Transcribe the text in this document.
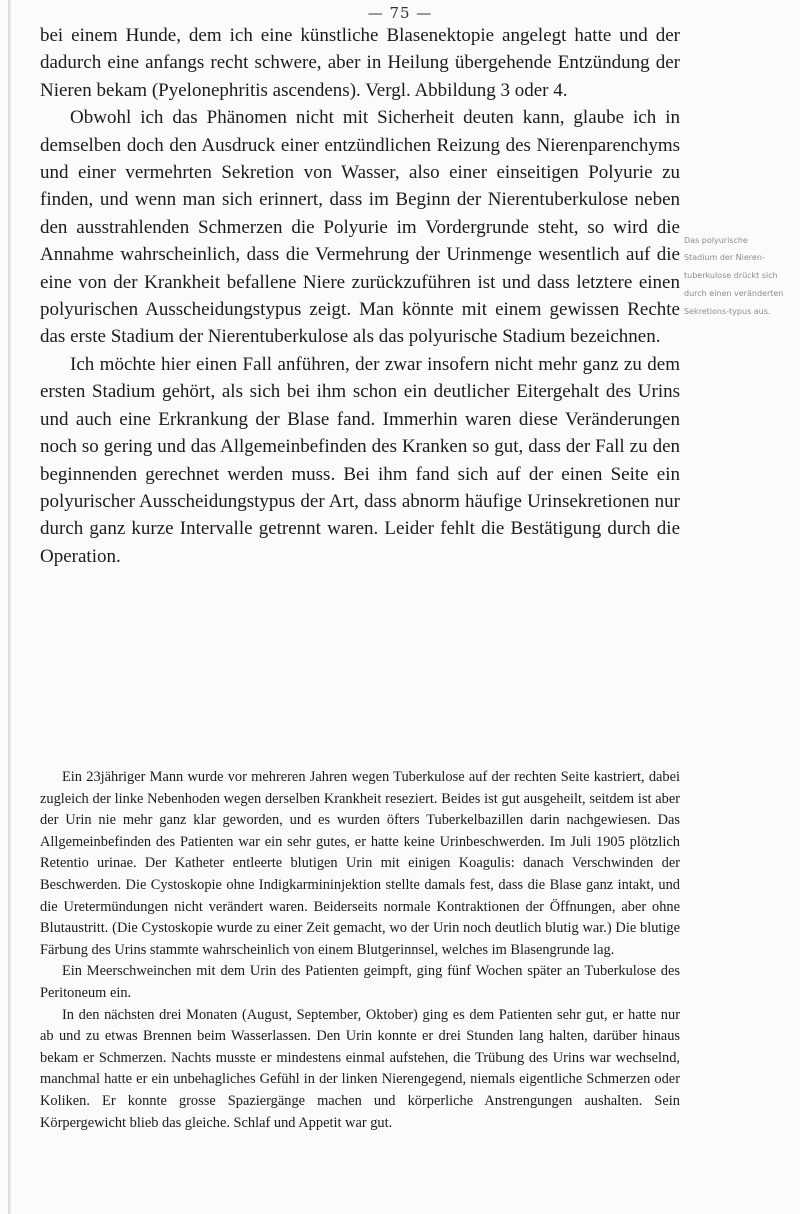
— 75 —

bei einem Hunde, dem ich eine künstliche Blasenektopie angelegt hatte und der dadurch eine anfangs recht schwere, aber in Heilung übergehende Entzündung der Nieren bekam (Pyelonephritis ascendens). Vergl. Abbildung 3 oder 4.

Obwohl ich das Phänomen nicht mit Sicherheit deuten kann, glaube ich in demselben doch den Ausdruck einer entzündlichen Reizung des Nierenparenchyms und einer vermehrten Sekretion von Wasser, also einer einseitigen Polyurie zu finden, und wenn man sich erinnert, dass im Beginn der Nierentuberkulose neben den ausstrahlenden Schmerzen die Polyurie im Vordergrunde steht, so wird die Annahme wahrscheinlich, dass die Vermehrung der Urinmenge wesentlich auf die eine von der Krankheit befallene Niere zurückzuführen ist und dass letztere einen polyurischen Ausscheidungstypus zeigt. Man könnte mit einem gewissen Rechte das erste Stadium der Nierentuberkulose als das polyurische Stadium bezeichnen.

Ich möchte hier einen Fall anführen, der zwar insofern nicht mehr ganz zu dem ersten Stadium gehört, als sich bei ihm schon ein deutlicher Eitergehalt des Urins und auch eine Erkrankung der Blase fand. Immerhin waren diese Veränderungen noch so gering und das Allgemeinbefinden des Kranken so gut, dass der Fall zu den beginnenden gerechnet werden muss. Bei ihm fand sich auf der einen Seite ein polyurischer Ausscheidungstypus der Art, dass abnorm häufige Urinsekretionen nur durch ganz kurze Intervalle getrennt waren. Leider fehlt die Bestätigung durch die Operation.

Ein 23jähriger Mann wurde vor mehreren Jahren wegen Tuberkulose auf der rechten Seite kastriert, dabei zugleich der linke Nebenhoden wegen derselben Krankheit reseziert. Beides ist gut ausgeheilt, seitdem ist aber der Urin nie mehr ganz klar geworden, und es wurden öfters Tuberkelbazillen darin nachgewiesen. Das Allgemeinbefinden des Patienten war ein sehr gutes, er hatte keine Urinbeschwerden. Im Juli 1905 plötzlich Retentio urinae. Der Katheter entleerte blutigen Urin mit einigen Koagulis: danach Verschwinden der Beschwerden. Die Cystoskopie ohne Indigkarmininjektion stellte damals fest, dass die Blase ganz intakt, und die Uretermündungen nicht verändert waren. Beiderseits normale Kontraktionen der Öffnungen, aber ohne Blutaustritt. (Die Cystoskopie wurde zu einer Zeit gemacht, wo der Urin noch deutlich blutig war.) Die blutige Färbung des Urins stammte wahrscheinlich von einem Blutgerinnsel, welches im Blasengrunde lag.

Ein Meerschweinchen mit dem Urin des Patienten geimpft, ging fünf Wochen später an Tuberkulose des Peritoneum ein.

In den nächsten drei Monaten (August, September, Oktober) ging es dem Patienten sehr gut, er hatte nur ab und zu etwas Brennen beim Wasserlassen. Den Urin konnte er drei Stunden lang halten, darüber hinaus bekam er Schmerzen. Nachts musste er mindestens einmal aufstehen, die Trübung des Urins war wechselnd, manchmal hatte er ein unbehagliches Gefühl in der linken Nierengegend, niemals eigentliche Schmerzen oder Koliken. Er konnte grosse Spaziergänge machen und körperliche Anstrengungen aushalten. Sein Körpergewicht blieb das gleiche. Schlaf und Appetit war gut.

Das polyurische
Stadium der Nieren-
tuberkulose drückt sich
durch einen veränderten
Sekretions-typus aus.
